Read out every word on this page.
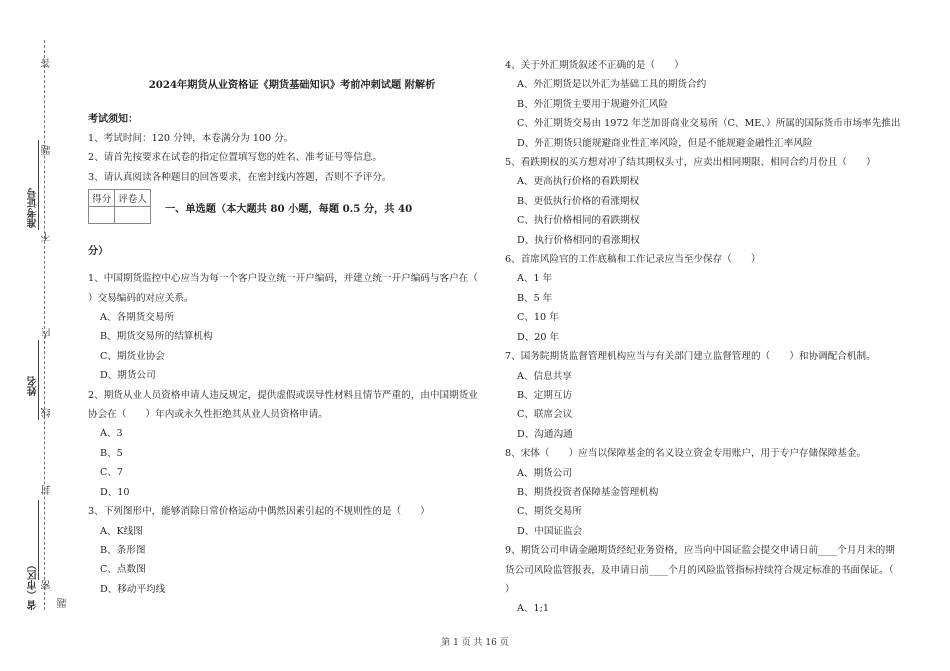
答
准考证号
题
不
内
姓名
线
封
省（市区） 密
题
2024年期货从业资格证《期货基础知识》考前冲刺试题 附解析
考试须知：
1、考试时间：120 分钟，本卷满分为 100 分。
2、请首先按要求在试卷的指定位置填写您的姓名、准考证号等信息。
3、请认真阅读各种题目的回答要求，在密封线内答题，否则不予评分。
得分	评卷人

一、单选题（本大题共 80 小题，每题 0.5 分，共 40
分）
1、中国期货监控中心应当为每一个客户设立统一开户编码，并建立统一开户编码与客户在（
）交易编码的对应关系。
A、各期货交易所
B、期货交易所的结算机构
C、期货业协会
D、期货公司
2、期货从业人员资格申请人违反规定，提供虚假或误导性材料且情节严重的，由中国期货业
协会在（　　）年内或永久性拒绝其从业人员资格申请。
A、3
B、5
C、7
D、10
3、下列图形中，能够消除日常价格运动中偶然因素引起的不规则性的是（　　）
A、K线图
B、条形图
C、点数图
D、移动平均线
4、关于外汇期货叙述不正确的是（　　）
A、外汇期货是以外汇为基础工具的期货合约
B、外汇期货主要用于规避外汇风险
C、外汇期货交易由 1972 年芝加哥商业交易所（C、ME、）所属的国际货币市场率先推出
D、外汇期货只能规避商业性汇率风险，但是不能规避金融性汇率风险
5、看跌期权的买方想对冲了结其期权头寸，应卖出相同期限、相同合约月份且（　　）
A、更高执行价格的看跌期权
B、更低执行价格的看涨期权
C、执行价格相同的看跌期权
D、执行价格相同的看涨期权
6、首席风险官的工作底稿和工作记录应当至少保存（　　）
A、1 年
B、5 年
C、10 年
D、20 年
7、国务院期货监督管理机构应当与有关部门建立监督管理的（　　）和协调配合机制。
A、信息共享
B、定期互访
C、联席会议
D、沟通沟通
8、宋体（　　）应当以保障基金的名义设立资金专用账户，用于专户存储保障基金。
A、期货公司
B、期货投资者保障基金管理机构
C、期货交易所
D、中国证监会
9、期货公司申请金融期货经纪业务资格，应当向中国证监会提交申请日前____个月月末的期
货公司风险监管报表，及申请日前____个月的风险监管指标持续符合规定标准的书面保证。（
）
A、1;1
第 1 页 共 16 页
